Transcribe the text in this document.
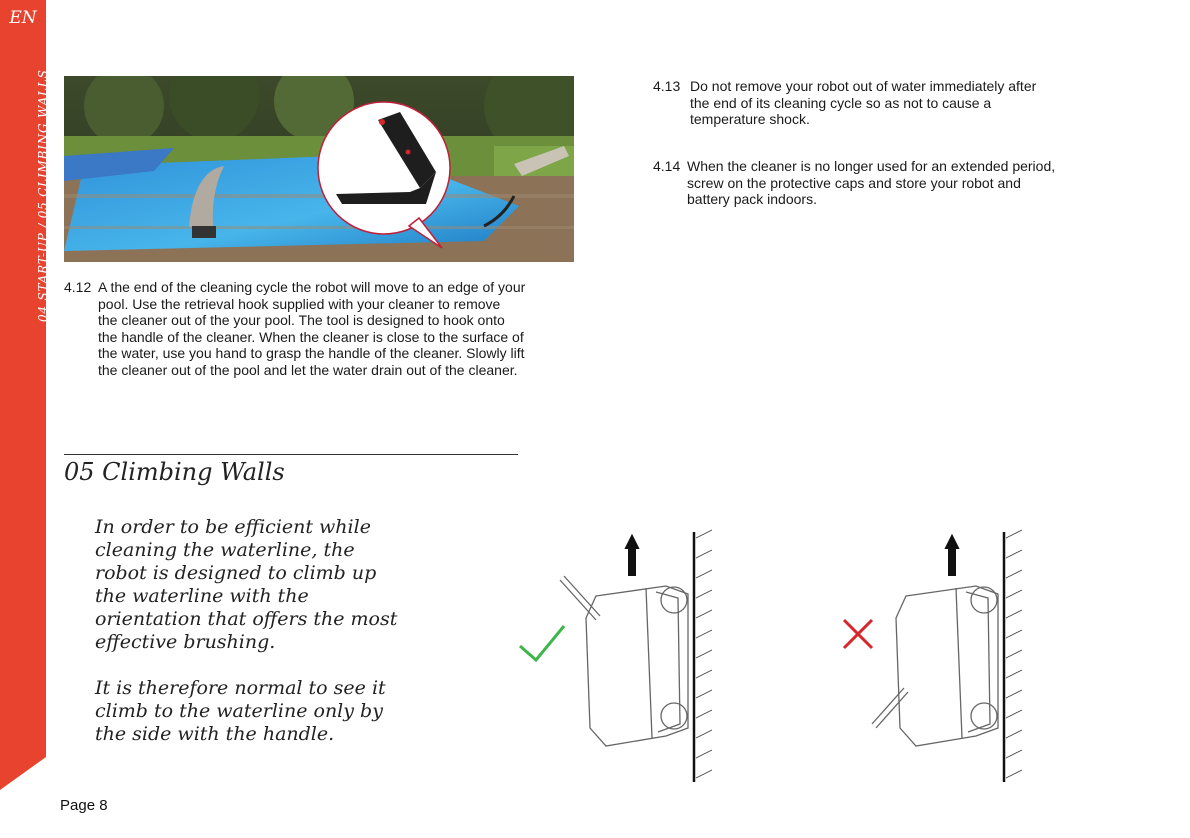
EN
04 START-UP / 05 CLIMBING WALLS 4.12 A the end of the cleaning cycle the robot will move to an edge of your

pool. Use the retrieval hook supplied with your cleaner to remove

the cleaner out of the your pool. The tool is designed to hook onto

the handle of the cleaner. When the cleaner is close to the surface of

the water, use you hand to grasp the handle of the cleaner. Slowly lift

the cleaner out of the pool and let the water drain out of the cleaner.

4.13 Do not remove your robot out of water immediately after

the end of its cleaning cycle so as not to cause a

temperature shock.

4.14 When the cleaner is no longer used for an extended period,

screw on the protective caps and store your robot and

battery pack indoors.

05 Climbing Walls
In order to be efficient while
cleaning the waterline, the
robot is designed to climb up
the waterline with the
orientation that offers the most
effective brushing.
It is therefore normal to see it
climb to the waterline only by
the side with the handle.
Page 8
